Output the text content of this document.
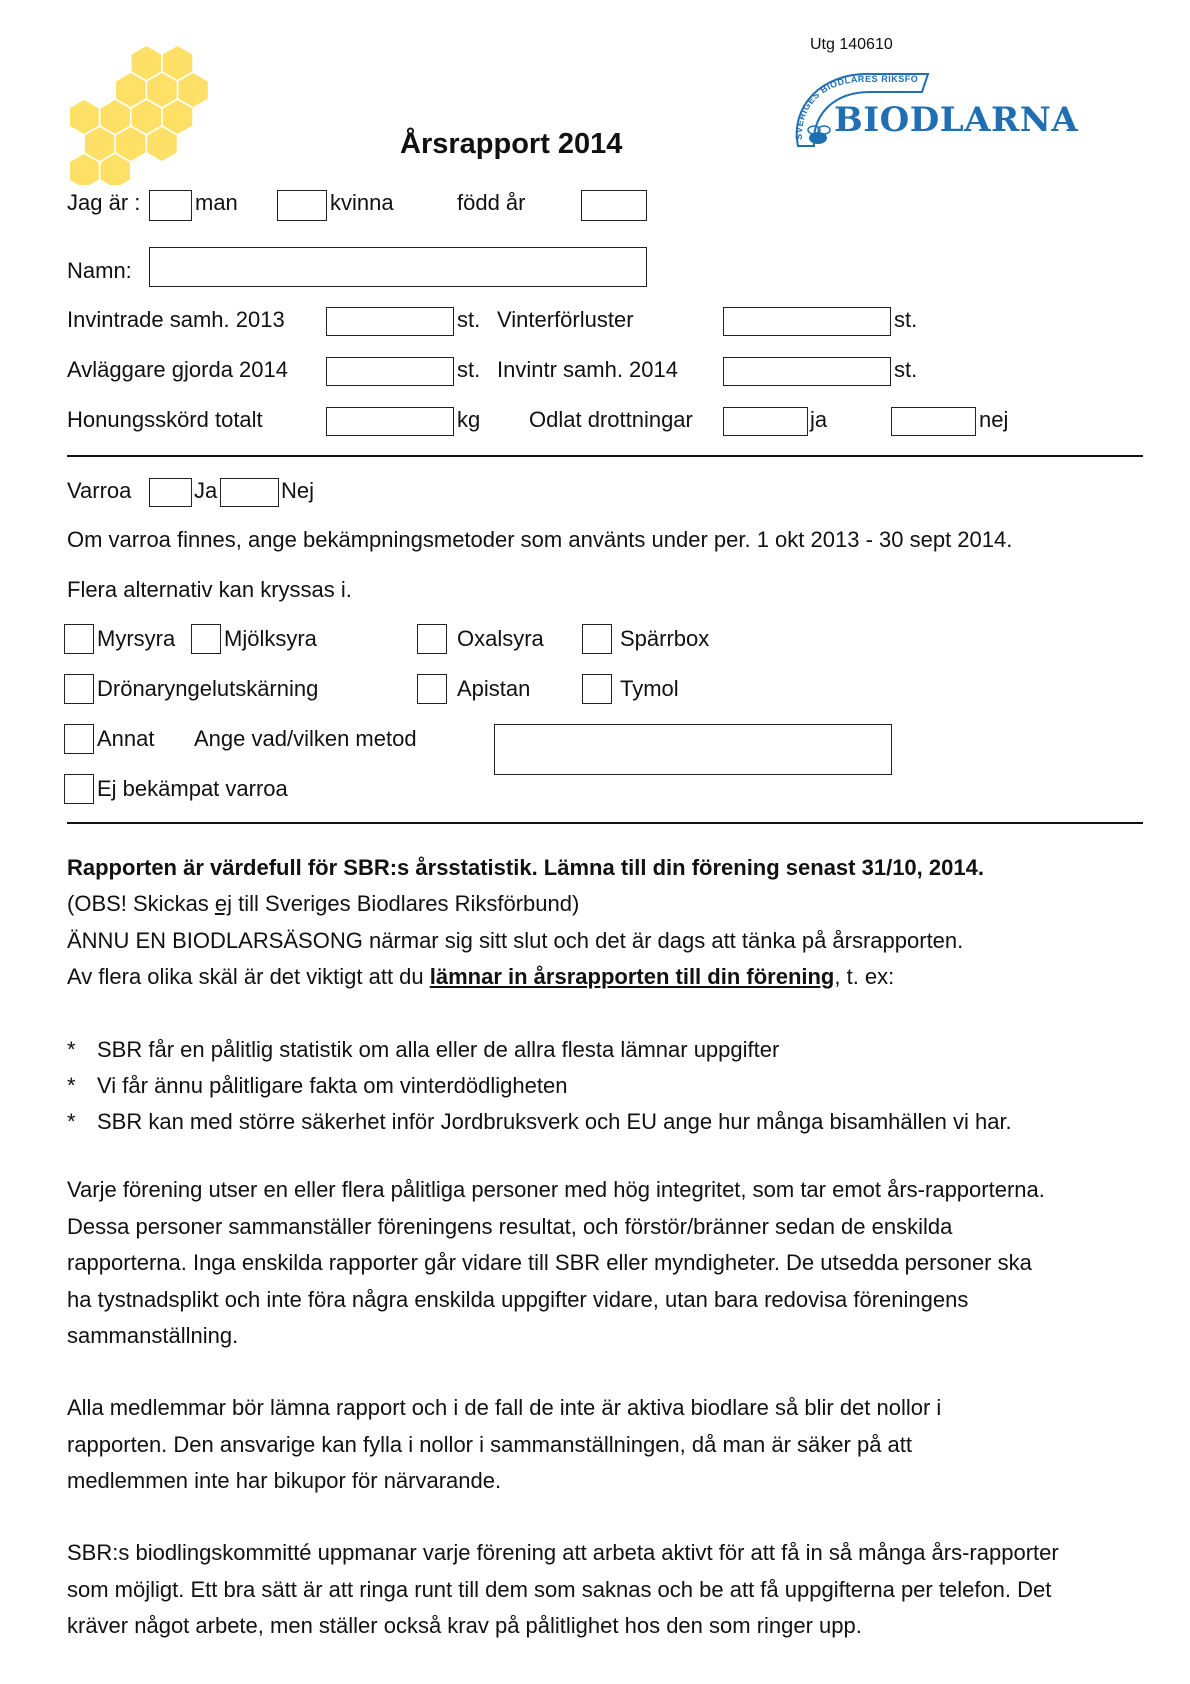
Utg 140610
SVERIGES BIODLARES RIKSFÖ
BIODLARNA
Årsrapport 2014
Jag är : man	kvinna	född år
Namn:
Invintrade samh. 2013	st. Vinterförluster	st.
Avläggare gjorda 2014	st. Invintr samh. 2014	st.
Honungsskörd totalt	kg Odlat drottningar	ja	nej
Varroa	Ja	Nej
Om varroa finnes, ange bekämpningsmetoder som använts under per. 1 okt 2013 - 30 sept 2014.
Flera alternativ kan kryssas i.
Myrsyra Mjölksyra	Oxalsyra	Spärrbox
Drönaryngelutskärning	Apistan	Tymol
Annat Ange vad/vilken metod
Ej bekämpat varroa
Rapporten är värdefull för SBR:s årsstatistik. Lämna till din förening senast 31/10, 2014.
(OBS! Skickas ej till Sveriges Biodlares Riksförbund)
ÄNNU EN BIODLARSÄSONG närmar sig sitt slut och det är dags att tänka på årsrapporten.
Av flera olika skäl är det viktigt att du lämnar in årsrapporten till din förening, t. ex:
* SBR får en pålitlig statistik om alla eller de allra flesta lämnar uppgifter
* Vi får ännu pålitligare fakta om vinterdödligheten
* SBR kan med större säkerhet inför Jordbruksverk och EU ange hur många bisamhällen vi har.
Varje förening utser en eller flera pålitliga personer med hög integritet, som tar emot års-rapporterna. Dessa personer sammanställer föreningens resultat, och förstör/bränner sedan de enskilda rapporterna. Inga enskilda rapporter går vidare till SBR eller myndigheter. De utsedda personer ska ha tystnadsplikt och inte föra några enskilda uppgifter vidare, utan bara redovisa föreningens sammanställning.
Alla medlemmar bör lämna rapport och i de fall de inte är aktiva biodlare så blir det nollor i rapporten. Den ansvarige kan fylla i nollor i sammanställningen, då man är säker på att medlemmen inte har bikupor för närvarande.
SBR:s biodlingskommitté uppmanar varje förening att arbeta aktivt för att få in så många års-rapporter som möjligt. Ett bra sätt är att ringa runt till dem som saknas och be att få uppgifterna per telefon. Det kräver något arbete, men ställer också krav på pålitlighet hos den som ringer upp.
